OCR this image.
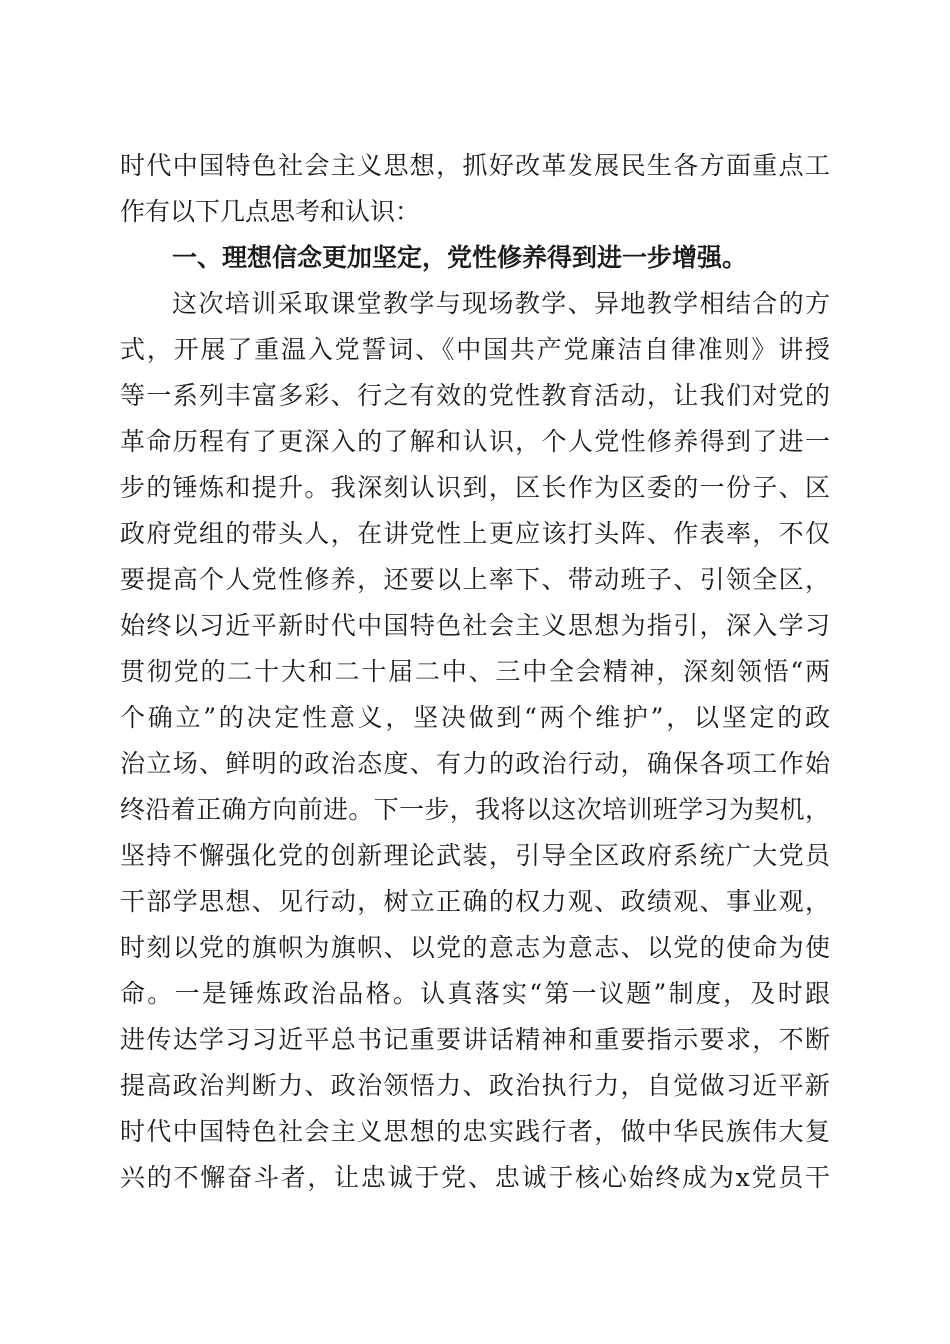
时代中国特色社会主义思想，抓好改革发展民生各方面重点工
作有以下几点思考和认识：
一、理想信念更加坚定，党性修养得到进一步增强。
这次培训采取课堂教学与现场教学、异地教学相结合的方
式，开展了重温入党誓词、《中国共产党廉洁自律准则》讲授
等一系列丰富多彩、行之有效的党性教育活动，让我们对党的
革命历程有了更深入的了解和认识，个人党性修养得到了进一
步的锤炼和提升。我深刻认识到，区长作为区委的一份子、区
政府党组的带头人，在讲党性上更应该打头阵、作表率，不仅
要提高个人党性修养，还要以上率下、带动班子、引领全区，
始终以习近平新时代中国特色社会主义思想为指引，深入学习
贯彻党的二十大和二十届二中、三中全会精神，深刻领悟“两
个确立”的决定性意义，坚决做到“两个维护”，以坚定的政
治立场、鲜明的政治态度、有力的政治行动，确保各项工作始
终沿着正确方向前进。下一步，我将以这次培训班学习为契机，
坚持不懈强化党的创新理论武装，引导全区政府系统广大党员
干部学思想、见行动，树立正确的权力观、政绩观、事业观，
时刻以党的旗帜为旗帜、以党的意志为意志、以党的使命为使
命。一是锤炼政治品格。认真落实“第一议题”制度，及时跟
进传达学习习近平总书记重要讲话精神和重要指示要求，不断
提高政治判断力、政治领悟力、政治执行力，自觉做习近平新
时代中国特色社会主义思想的忠实践行者，做中华民族伟大复
兴的不懈奋斗者，让忠诚于党、忠诚于核心始终成为x党员干
